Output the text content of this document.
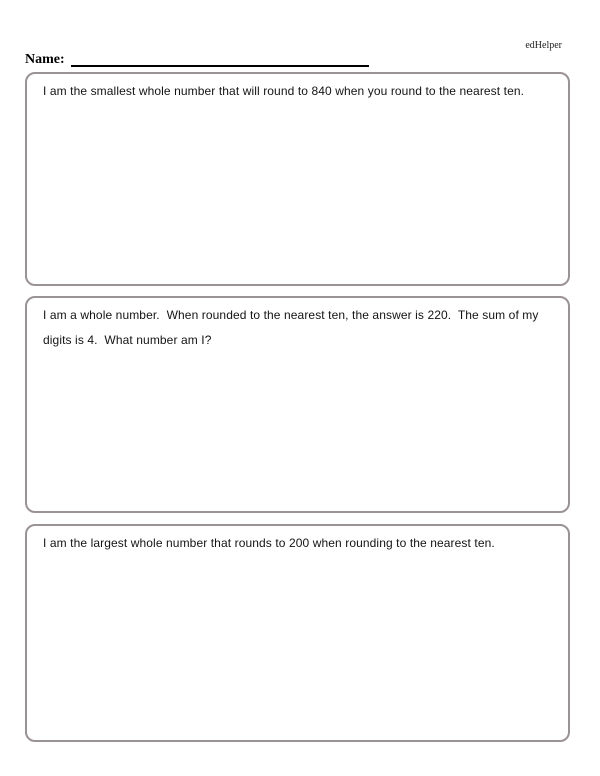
edHelper
Name:

I am the smallest whole number that will round to 840 when you round to the nearest ten.

I am a whole number.  When rounded to the nearest ten, the answer is 220.  The sum of my digits is 4.  What number am I?

I am the largest whole number that rounds to 200 when rounding to the nearest ten.
